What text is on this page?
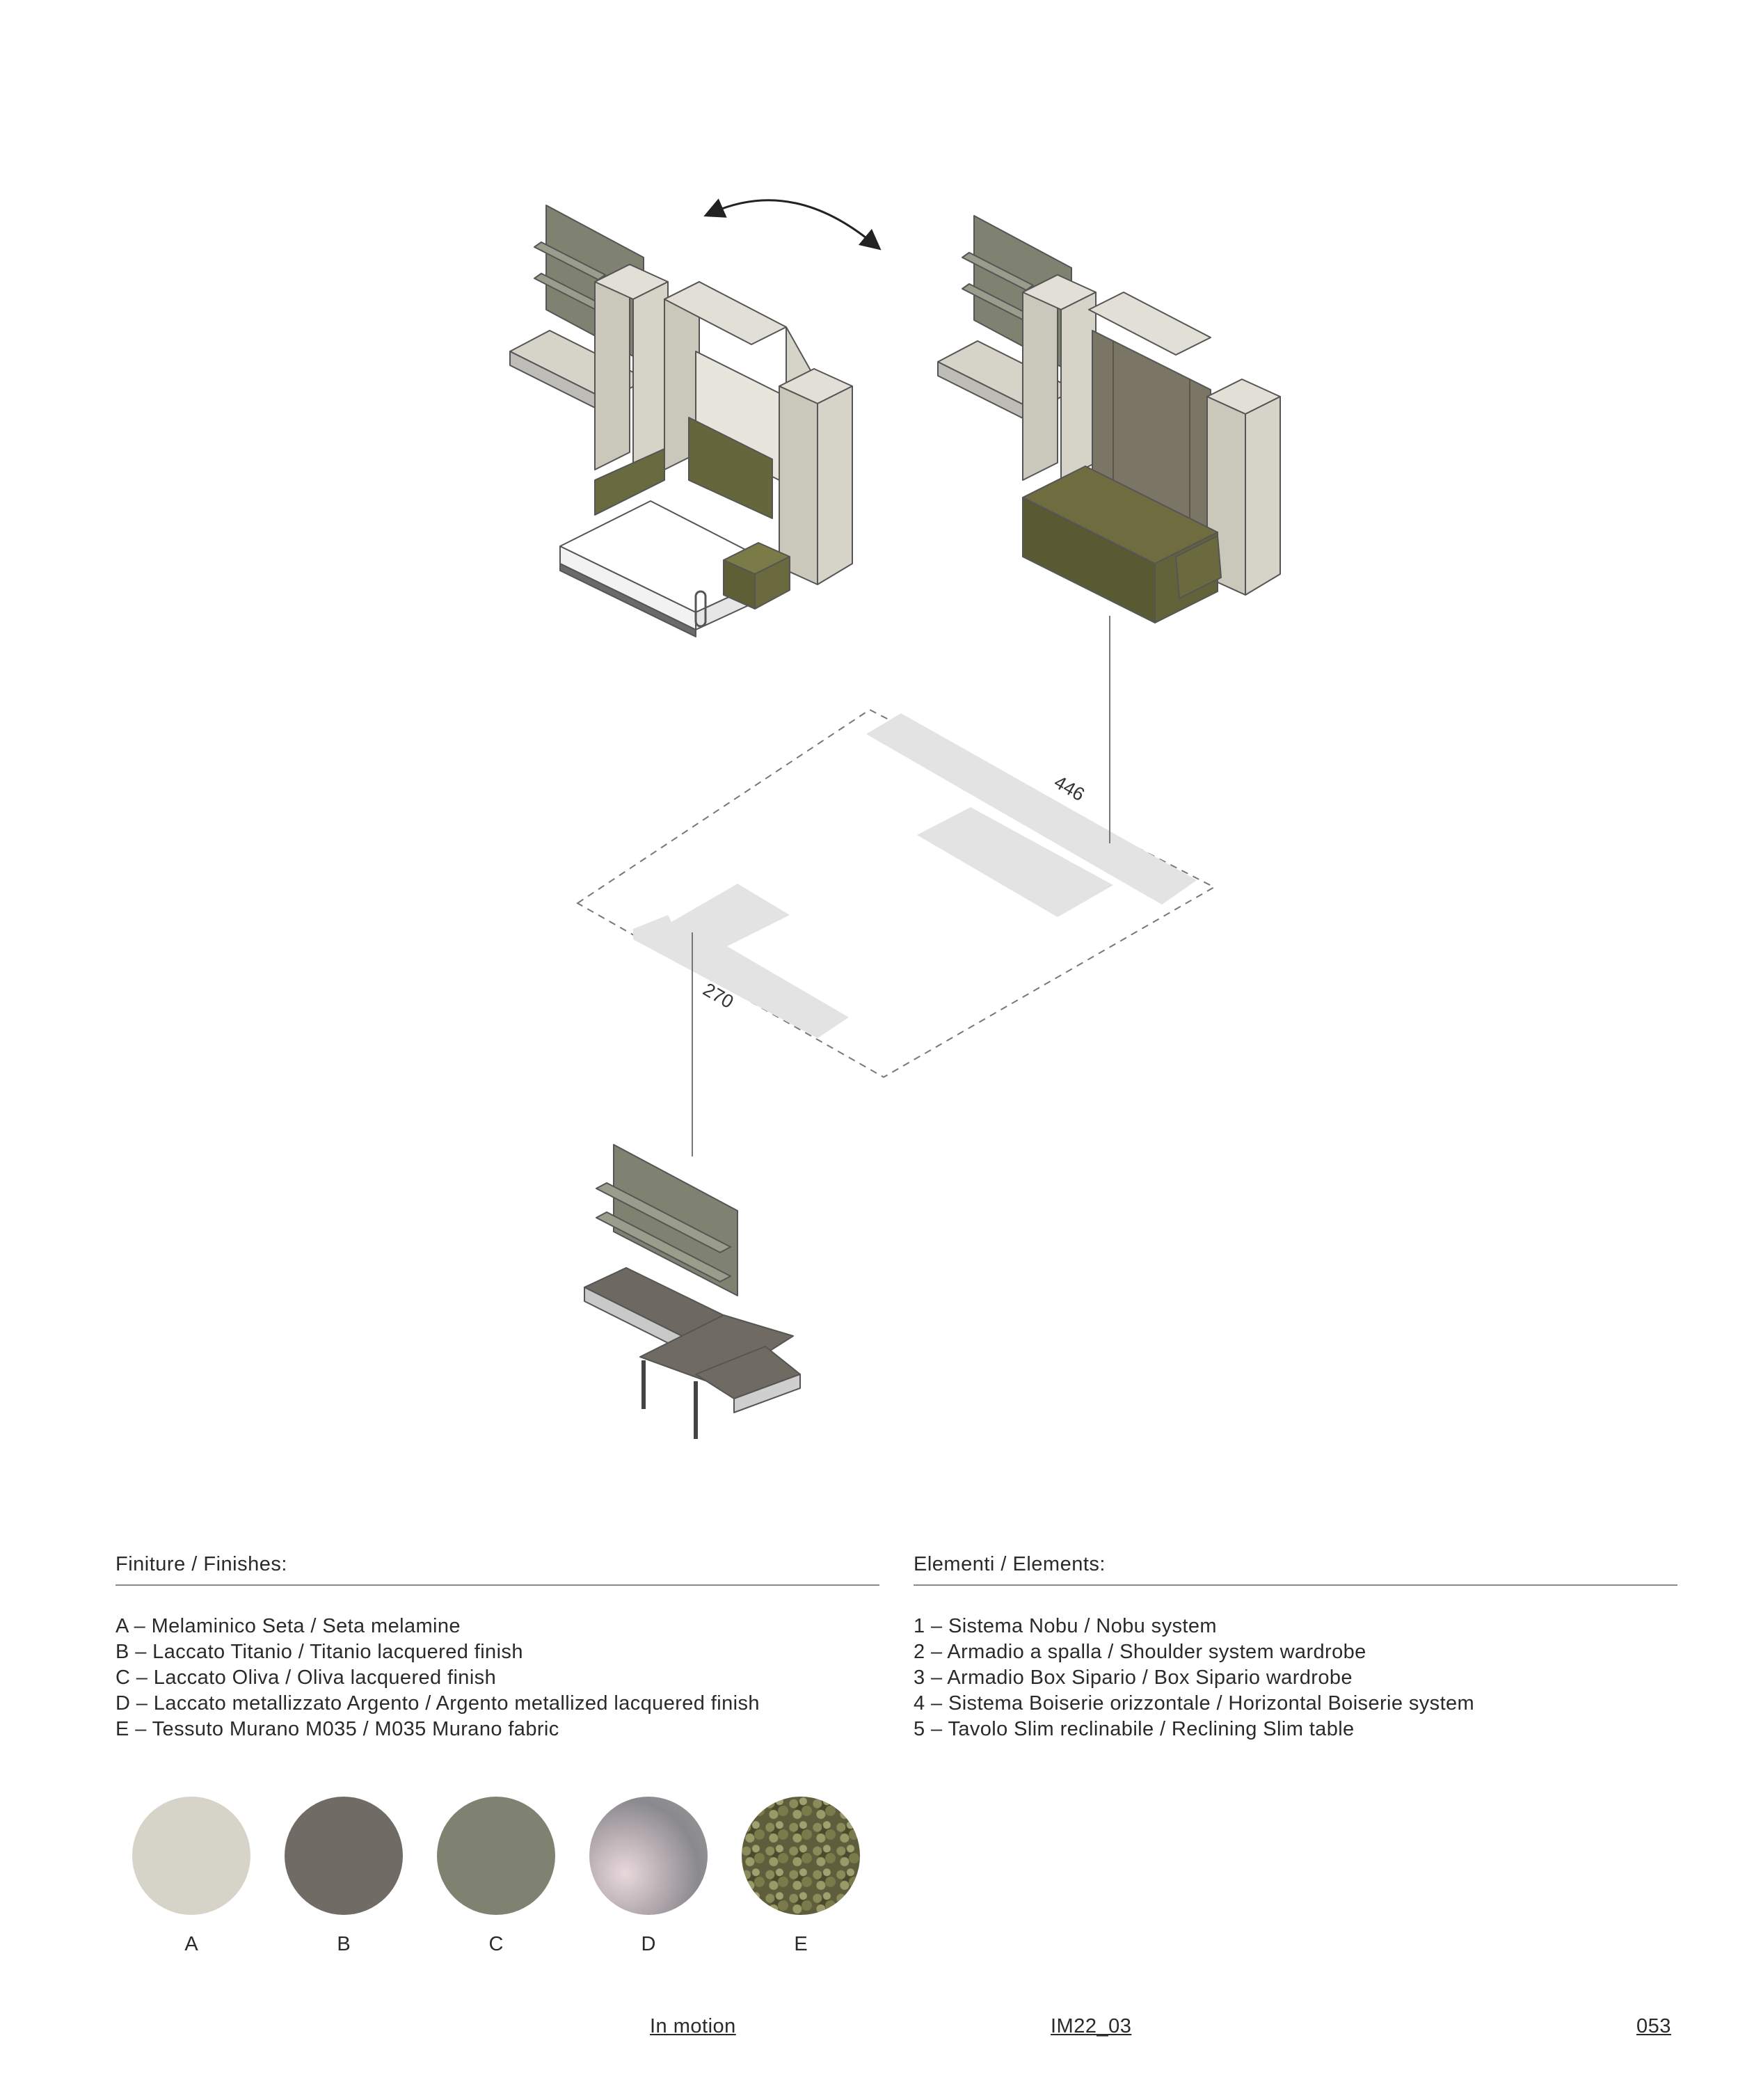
446
270
Finiture / Finishes:
A – Melaminico Seta / Seta melamine
B – Laccato Titanio / Titanio lacquered finish
C – Laccato Oliva / Oliva lacquered finish
D – Laccato metallizzato Argento / Argento metallized lacquered finish
E – Tessuto Murano M035 / M035 Murano fabric
Elementi / Elements:
1 – Sistema Nobu / Nobu system
2 – Armadio a spalla / Shoulder system wardrobe
3 – Armadio Box Sipario / Box Sipario wardrobe
4 – Sistema Boiserie orizzontale / Horizontal Boiserie system
5 – Tavolo Slim reclinabile / Reclining Slim table
A	B	C	D	E
In motion	IM22_03	053
